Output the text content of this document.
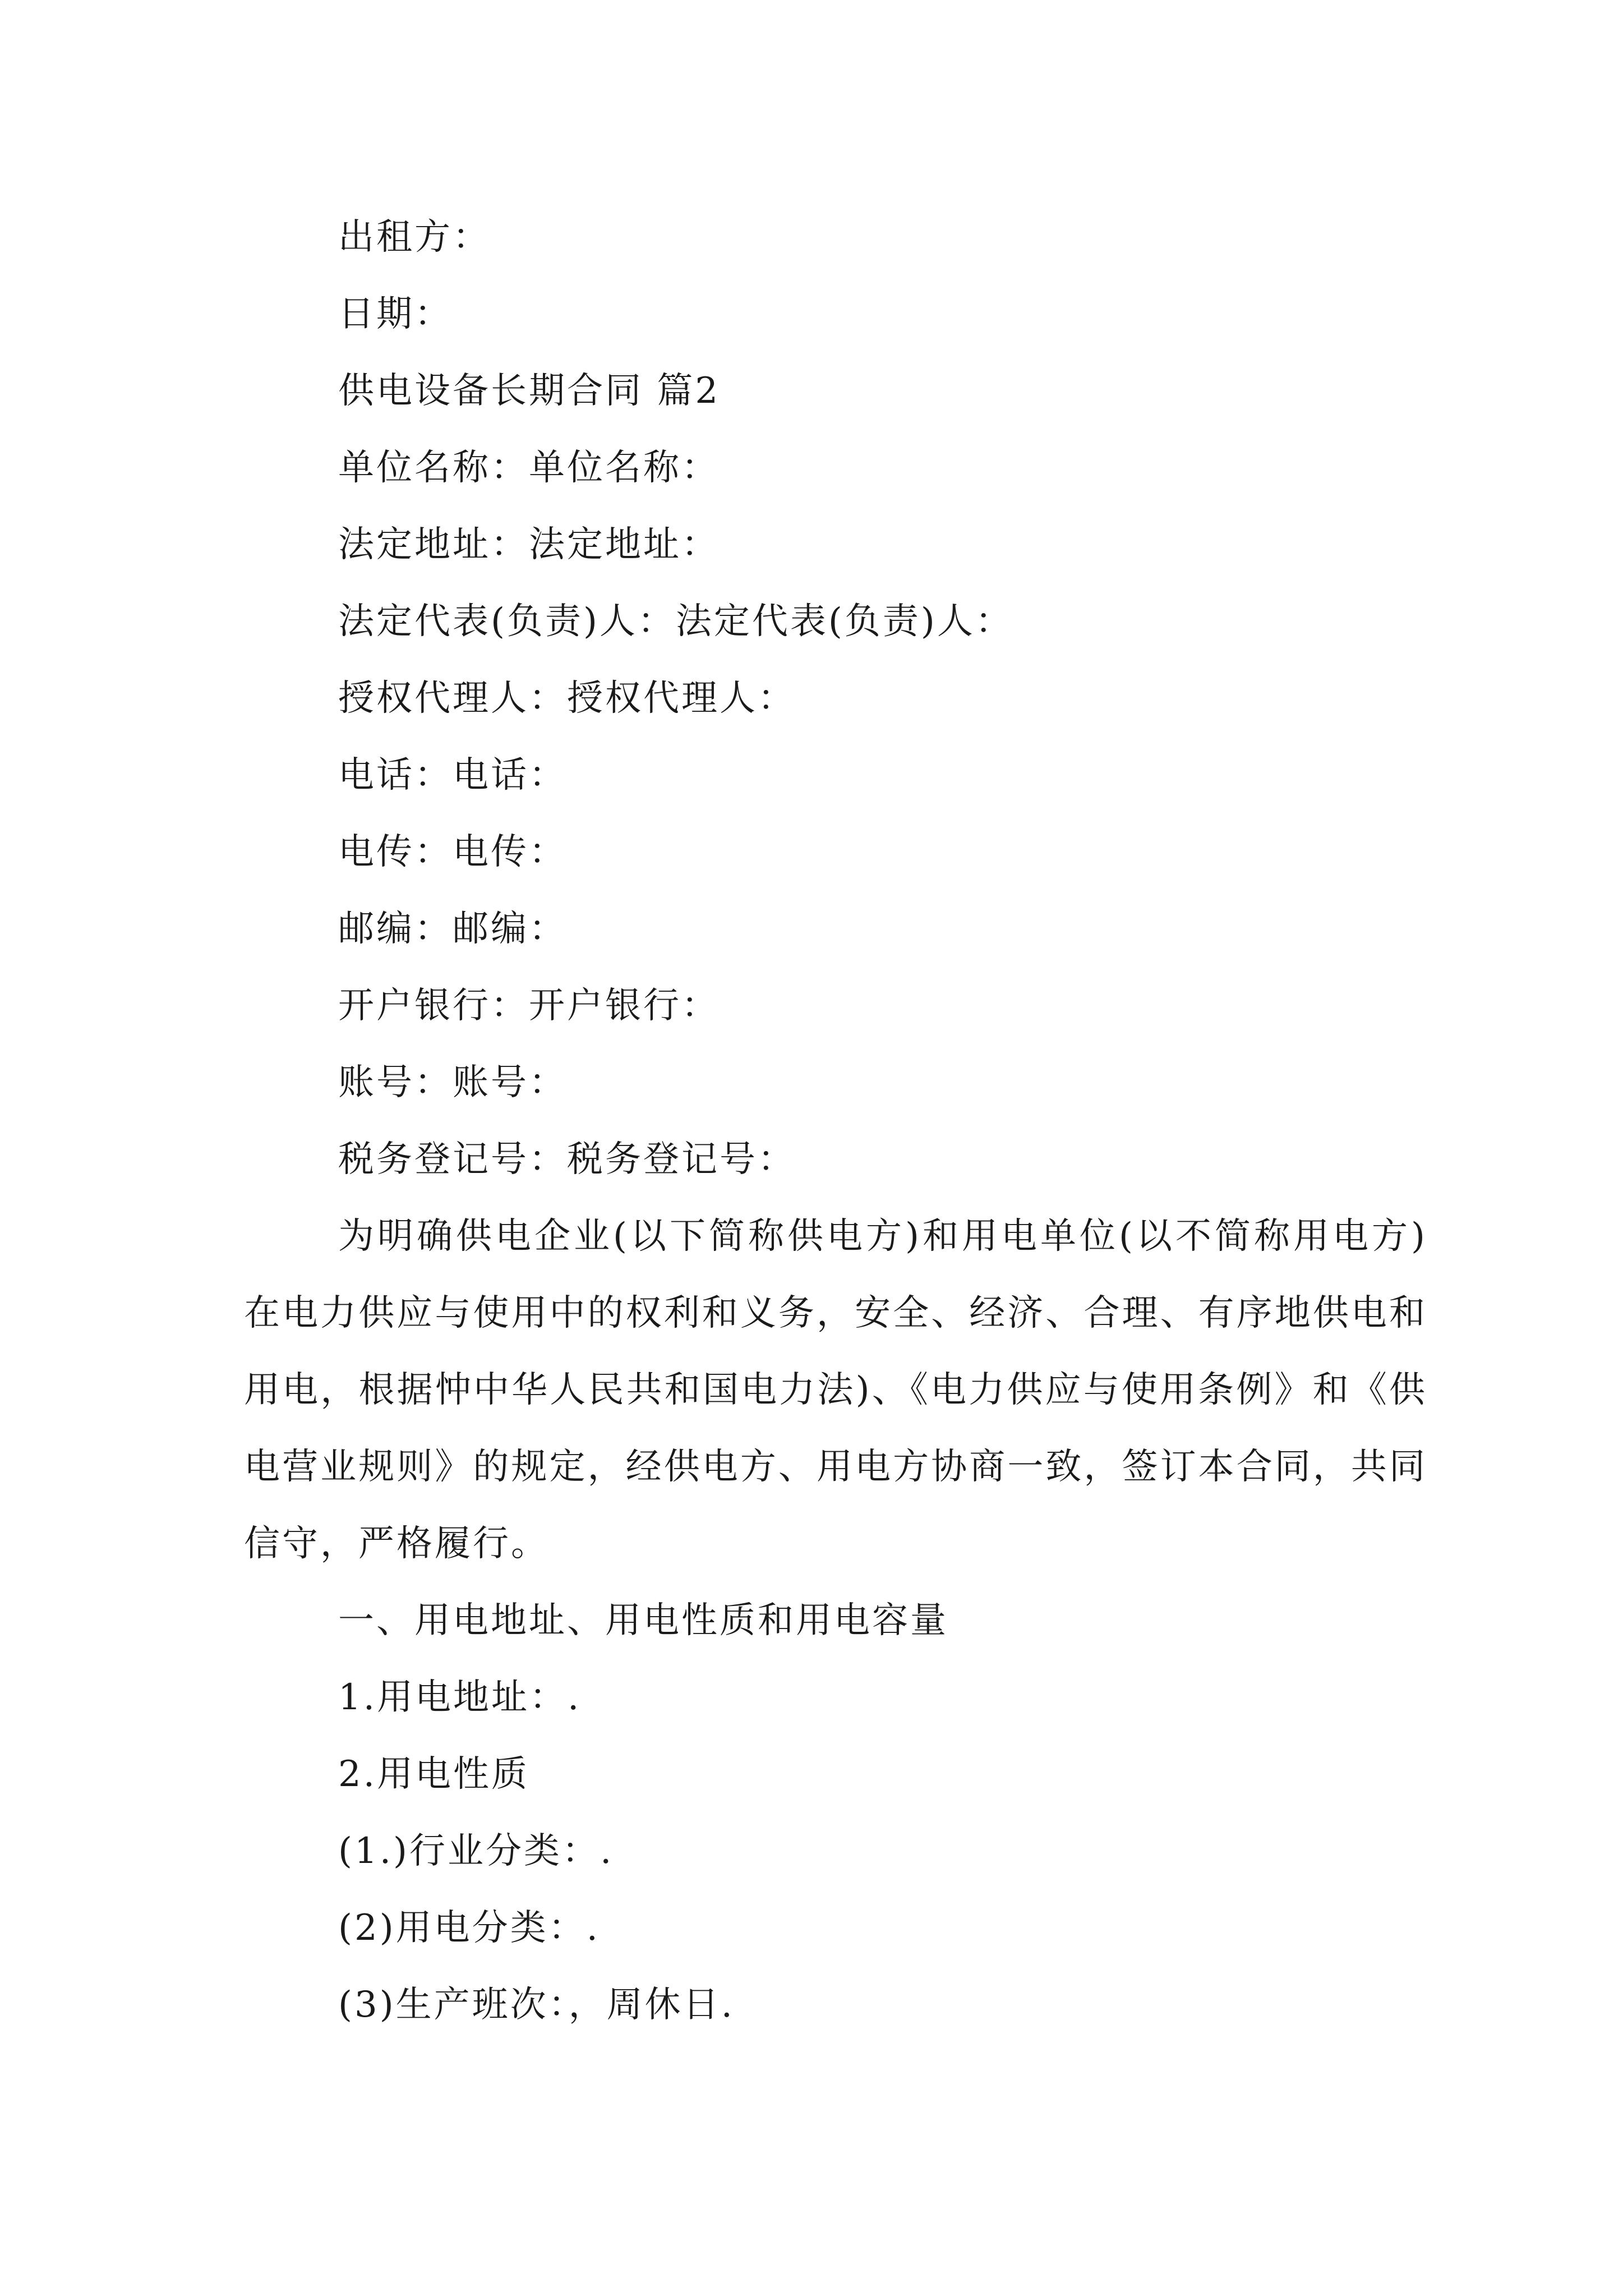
出租方：
日期：
供电设备长期合同 篇2
单位名称：单位名称：
法定地址：法定地址：
法定代表(负责)人：法定代表(负责)人：
授权代理人：授权代理人：
电话：电话：
电传：电传：
邮编：邮编：
开户银行：开户银行：
账号：账号：
税务登记号：税务登记号：

为明确供电企业(以下简称供电方)和用电单位(以不简称用电方)在电力供应与使用中的权利和义务，安全、经济、合理、有序地供电和用电，根据忡中华人民共和国电力法)、《电力供应与使用条例》和《供电营业规则》的规定，经供电方、用电方协商一致，签订本合同，共同信守，严格履行。

一、用电地址、用电性质和用电容量
1.用电地址：.
2.用电性质
(1.)行业分类：.
(2)用电分类：.
(3)生产班次：，周休日.
